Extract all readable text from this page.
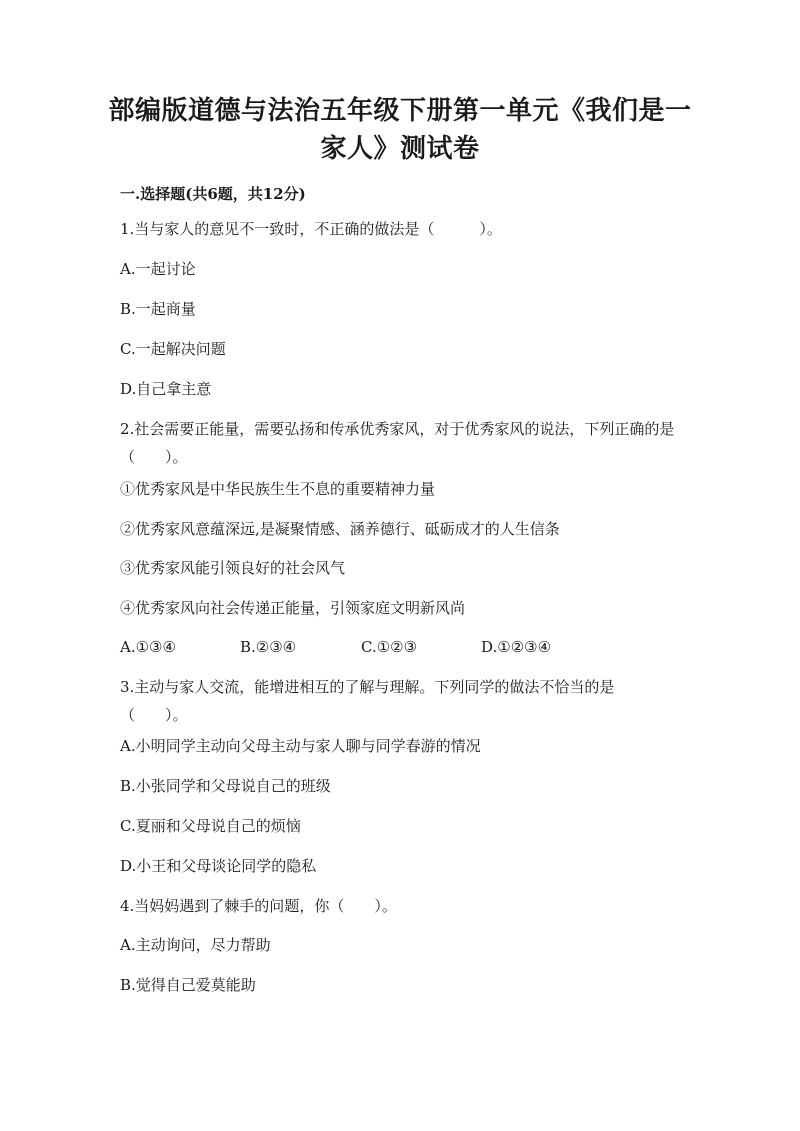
部编版道德与法治五年级下册第一单元《我们是一家人》测试卷
一.选择题(共6题，共12分)
1.当与家人的意见不一致时，不正确的做法是（　　　）。
A.一起讨论
B.一起商量
C.一起解决问题
D.自己拿主意
2.社会需要正能量，需要弘扬和传承优秀家风，对于优秀家风的说法，下列正确的是（　　）。
①优秀家风是中华民族生生不息的重要精神力量
②优秀家风意蕴深远,是凝聚情感、涵养德行、砥砺成才的人生信条
③优秀家风能引领良好的社会风气
④优秀家风向社会传递正能量，引领家庭文明新风尚
A.①③④	B.②③④	C.①②③	D.①②③④
3.主动与家人交流，能增进相互的了解与理解。下列同学的做法不恰当的是（　　）。
A.小明同学主动向父母主动与家人聊与同学春游的情况
B.小张同学和父母说自己的班级
C.夏丽和父母说自己的烦恼
D.小王和父母谈论同学的隐私
4.当妈妈遇到了棘手的问题，你（　　）。
A.主动询问，尽力帮助
B.觉得自己爱莫能助
